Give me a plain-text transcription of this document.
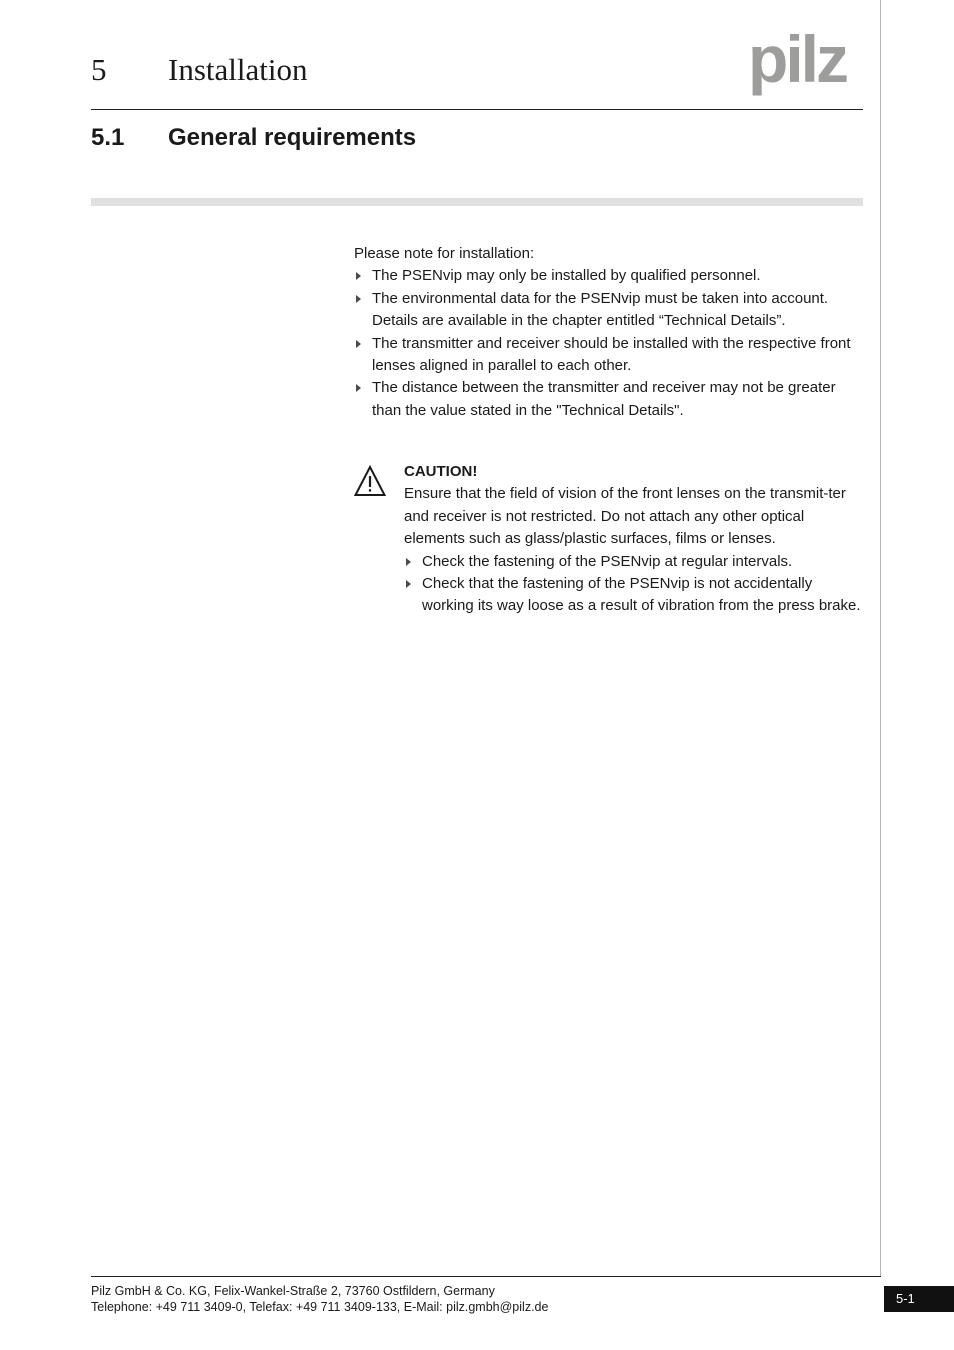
5 Installation	pilz
5.1 General requirements

Please note for installation:

The PSENvip may only be installed by qualified personnel.
The environmental data for the PSENvip must be taken into account. Details are available in the chapter entitled “Technical Details”.
The transmitter and receiver should be installed with the respective front lenses aligned in parallel to each other.
The distance between the transmitter and receiver may not be greater than the value stated in the "Technical Details".
CAUTION!

Ensure that the field of vision of the front lenses on the transmit-ter and receiver is not restricted. Do not attach any other optical elements such as glass/plastic surfaces, films or lenses.

Check the fastening of the PSENvip at regular intervals.
Check that the fastening of the PSENvip is not accidentally working its way loose as a result of vibration from the press brake.
Pilz GmbH & Co. KG, Felix-Wankel-Straße 2, 73760 Ostfildern, Germany
Telephone: +49 711 3409-0, Telefax: +49 711 3409-133, E-Mail: pilz.gmbh@pilz.de
5-1
